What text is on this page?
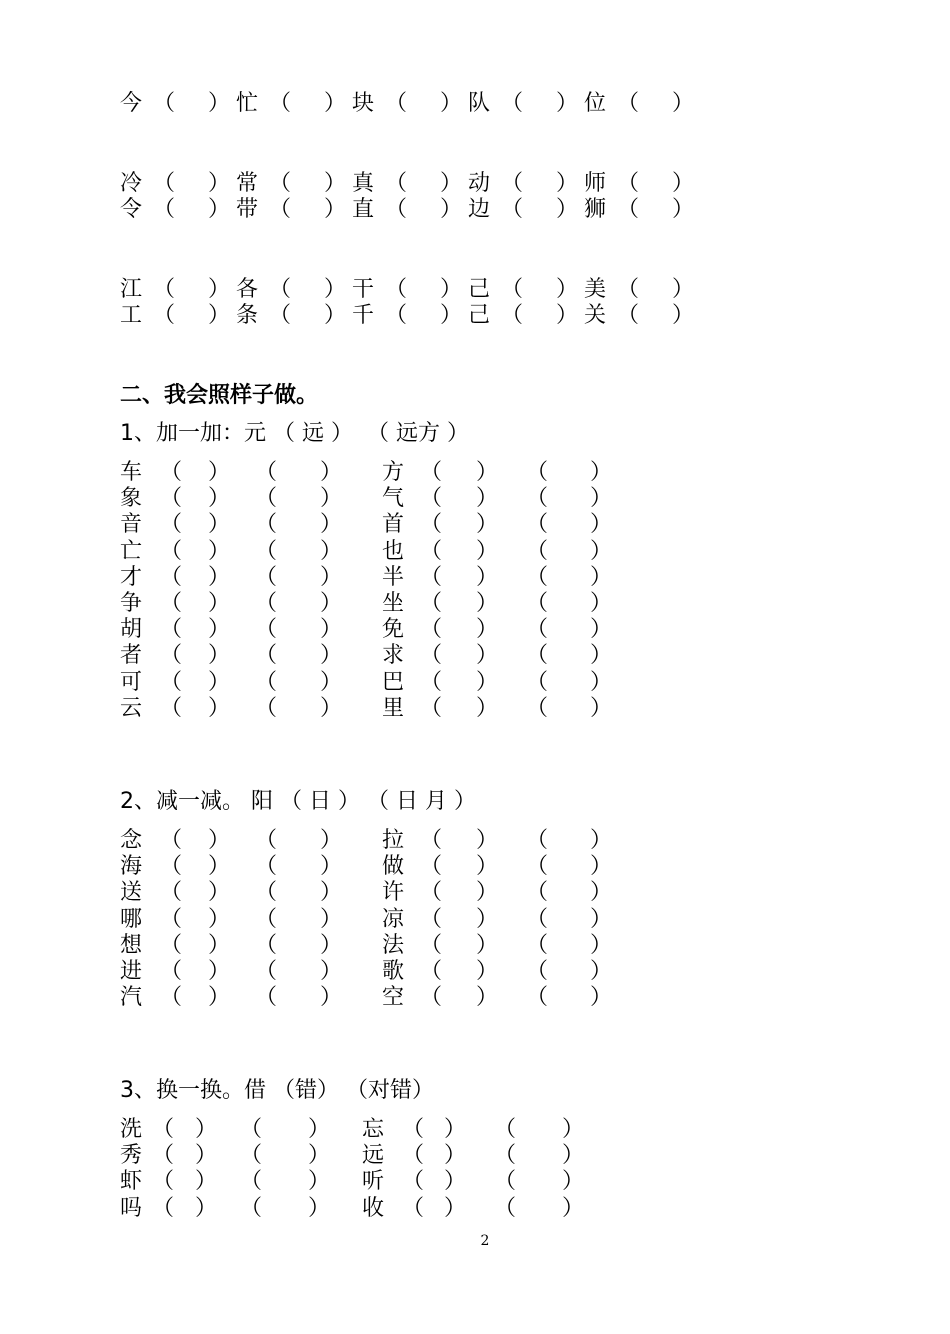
今 （ ） 忙 （ ） 块 （ ） 队 （ ） 位 （ ）
冷 （ ） 常 （ ） 真 （ ） 动 （ ） 师 （ ）
令 （ ） 带 （ ） 直 （ ） 边 （ ） 狮 （ ）
江 （ ） 各 （ ） 干 （ ） 己 （ ） 美 （ ）
工 （ ） 条 （ ） 千 （ ） 己 （ ） 关 （ ）
二、我会照样子做。
1、加一加：元 （ 远 ）  （ 远方 ）
车 （ ） （ ） 方 （ ） （ ）
象 （ ） （ ） 气 （ ） （ ）
音 （ ） （ ） 首 （ ） （ ）
亡 （ ） （ ） 也 （ ） （ ）
才 （ ） （ ） 半 （ ） （ ）
争 （ ） （ ） 坐 （ ） （ ）
胡 （ ） （ ） 免 （ ） （ ）
者 （ ） （ ） 求 （ ） （ ）
可 （ ） （ ） 巴 （ ） （ ）
云 （ ） （ ） 里 （ ） （ ）
2、减一减。 阳 （ 日 ） （ 日 月 ）
念 （ ） （ ） 拉 （ ） （ ）
海 （ ） （ ） 做 （ ） （ ）
送 （ ） （ ） 许 （ ） （ ）
哪 （ ） （ ） 凉 （ ） （ ）
想 （ ） （ ） 法 （ ） （ ）
进 （ ） （ ） 歌 （ ） （ ）
汽 （ ） （ ） 空 （ ） （ ）
3、换一换。借 （错） （对错）
洗 （ ） （ ） 忘 （ ） （ ）
秀 （ ） （ ） 远 （ ） （ ）
虾 （ ） （ ） 听 （ ） （ ）
吗 （ ） （ ） 收 （ ） （ ）
2
